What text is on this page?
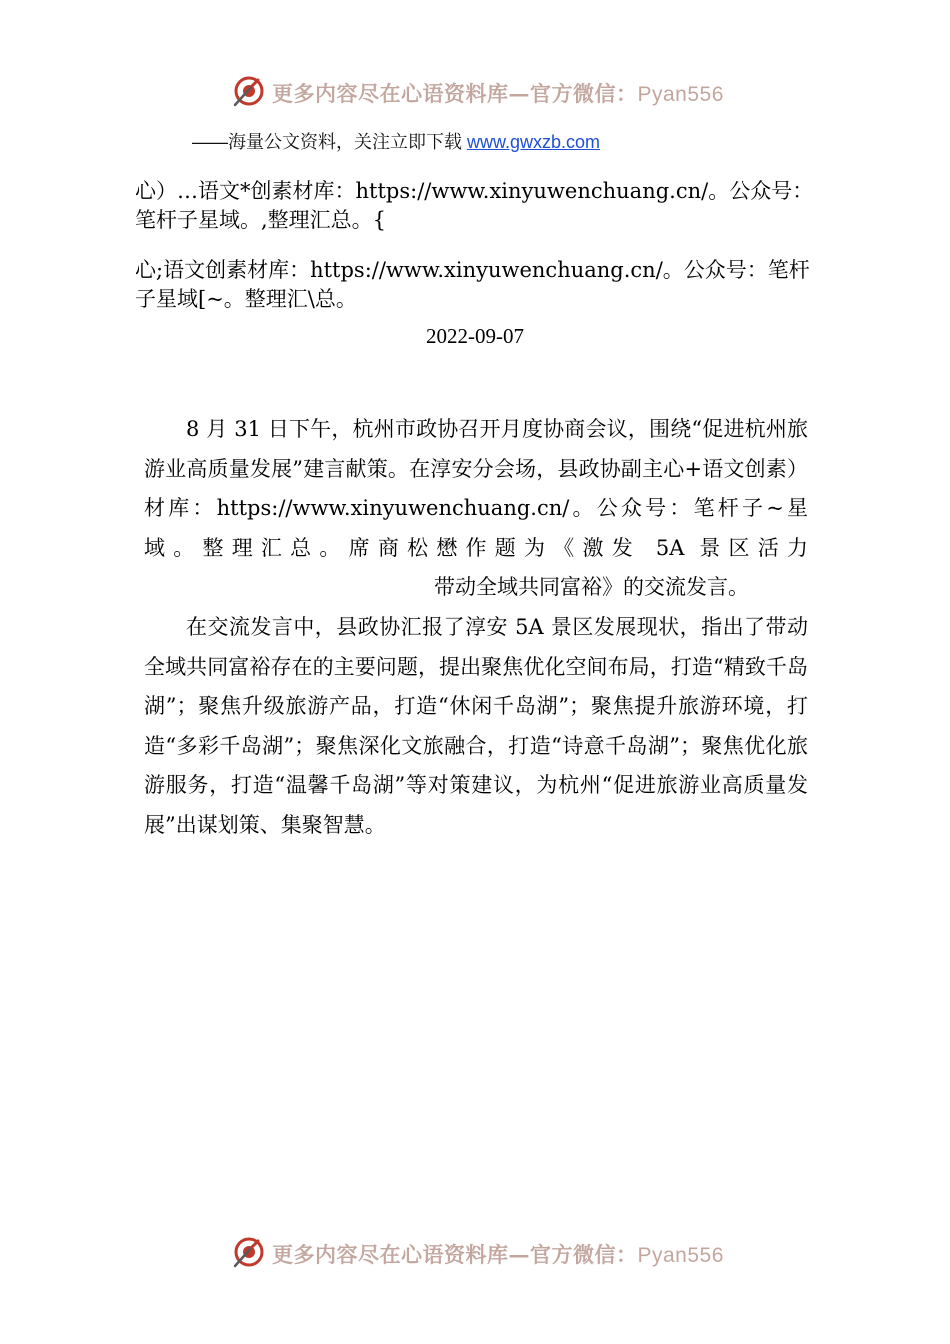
更多内容尽在心语资料库—官方微信：Pyan556
——海量公文资料，关注立即下载 www.gwxzb.com

心）…语文*创素材库：https://www.xinyuwenchuang.cn/。公众号：笔杆子星域。,整理汇总。{

心;语文创素材库：https://www.xinyuwenchuang.cn/。公众号：笔杆子星域[~。整理汇\总。

2022-09-07

8 月 31 日下午，杭州市政协召开月度协商会议，围绕“促进杭州旅游业高质量发展”建言献策。在淳安分会场，县政协副主心+语文创素）材库：https://www.xinyuwenchuang.cn/。公众号：笔杆子~星域。整理汇总。席商松懋作题为《激发 5A 景区活力带动全域共同富裕》的交流发言。

在交流发言中，县政协汇报了淳安 5A 景区发展现状，指出了带动全域共同富裕存在的主要问题，提出聚焦优化空间布局，打造“精致千岛湖”；聚焦升级旅游产品，打造“休闲千岛湖”；聚焦提升旅游环境，打造“多彩千岛湖”；聚焦深化文旅融合，打造“诗意千岛湖”；聚焦优化旅游服务，打造“温馨千岛湖”等对策建议，为杭州“促进旅游业高质量发展”出谋划策、集聚智慧。

更多内容尽在心语资料库—官方微信：Pyan556
